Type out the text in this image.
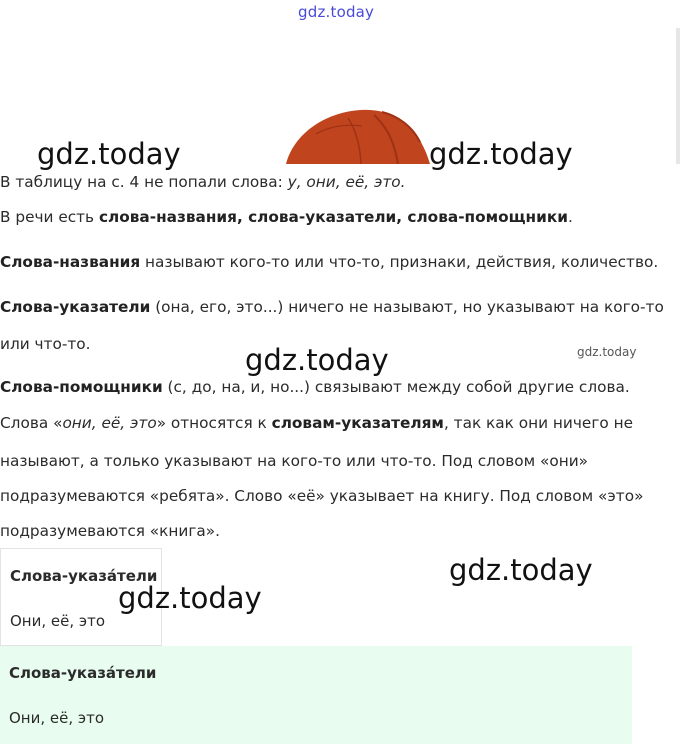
gdz.today
gdz.today	gdz.today
gdz.today	gdz.today
В таблицу на с. 4 не попали слова: у, они, её, это.
В речи есть слова-названия, слова-указатели, слова-помощники.
Слова-названия называют кого-то или что-то, признаки, действия, количество.
Слова-указатели (она, его, это...) ничего не называют, но указывают на кого-то
или что-то.
Слова-помощники (с, до, на, и, но...) связывают между собой другие слова.
Слова «они, её, это» относятся к словам-указателям, так как они ничего не
называют, а только указывают на кого-то или что-то. Под словом «они»
подразумеваются «ребята». Слово «её» указывает на книгу. Под словом «это»
подразумеваются «книга».
Слова-указа́тели
Они, её, это
Слова-указа́тели
Они, её, это
gdz.today
gdz.today
